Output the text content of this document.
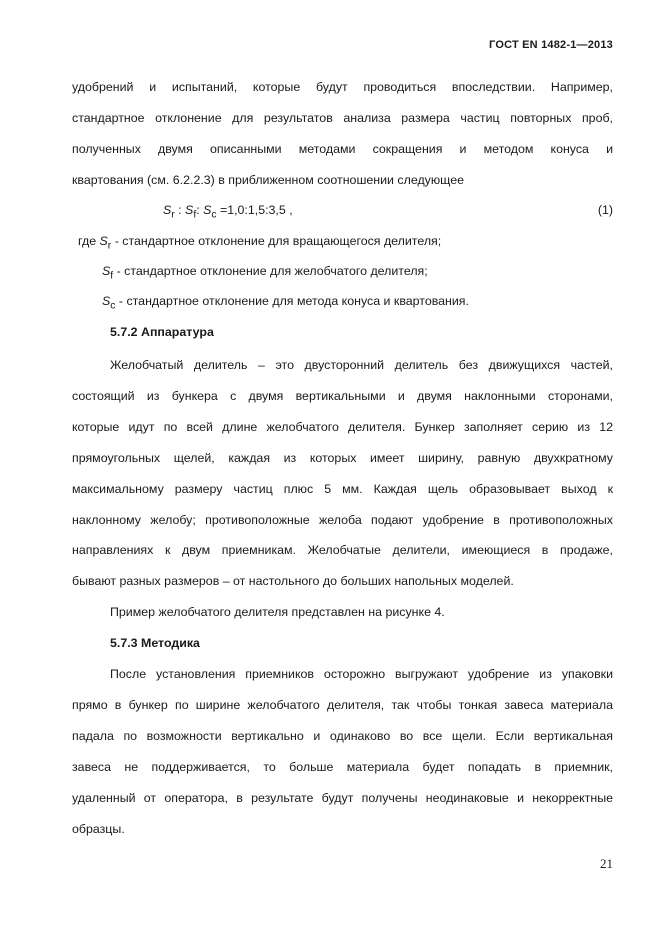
ГОСТ EN 1482-1—2013
удобрений и испытаний, которые будут проводиться впоследствии. Например,
стандартное отклонение для результатов анализа размера частиц повторных проб,
полученных двумя описанными методами сокращения и методом конуса и
квартования (см. 6.2.2.3) в приближенном соотношении следующее
$S_r$ : $S_f$: $S_c$ =1,0:1,5:3,5 ,	(1)
где $S_r$ - стандартное отклонение для вращающегося делителя;
$S_f$ - стандартное отклонение для желобчатого делителя;
$S_c$ - стандартное отклонение для метода конуса и квартования.
5.7.2 Аппаратура
Желобчатый делитель – это двусторонний делитель без движущихся частей,
состоящий из бункера с двумя вертикальными и двумя наклонными сторонами,
которые идут по всей длине желобчатого делителя. Бункер заполняет серию из 12
прямоугольных щелей, каждая из которых имеет ширину, равную двухкратному
максимальному размеру частиц плюс 5 мм. Каждая щель образовывает выход к
наклонному желобу; противоположные желоба подают удобрение в противоположных
направлениях к двум приемникам. Желобчатые делители, имеющиеся в продаже,
бывают разных размеров – от настольного до больших напольных моделей.
Пример желобчатого делителя представлен на рисунке 4.
5.7.3 Методика
После установления приемников осторожно выгружают удобрение из упаковки
прямо в бункер по ширине желобчатого делителя, так чтобы тонкая завеса материала
падала по возможности вертикально и одинаково во все щели. Если вертикальная
завеса не поддерживается, то больше материала будет попадать в приемник,
удаленный от оператора, в результате будут получены неодинаковые и некорректные
образцы.
21
